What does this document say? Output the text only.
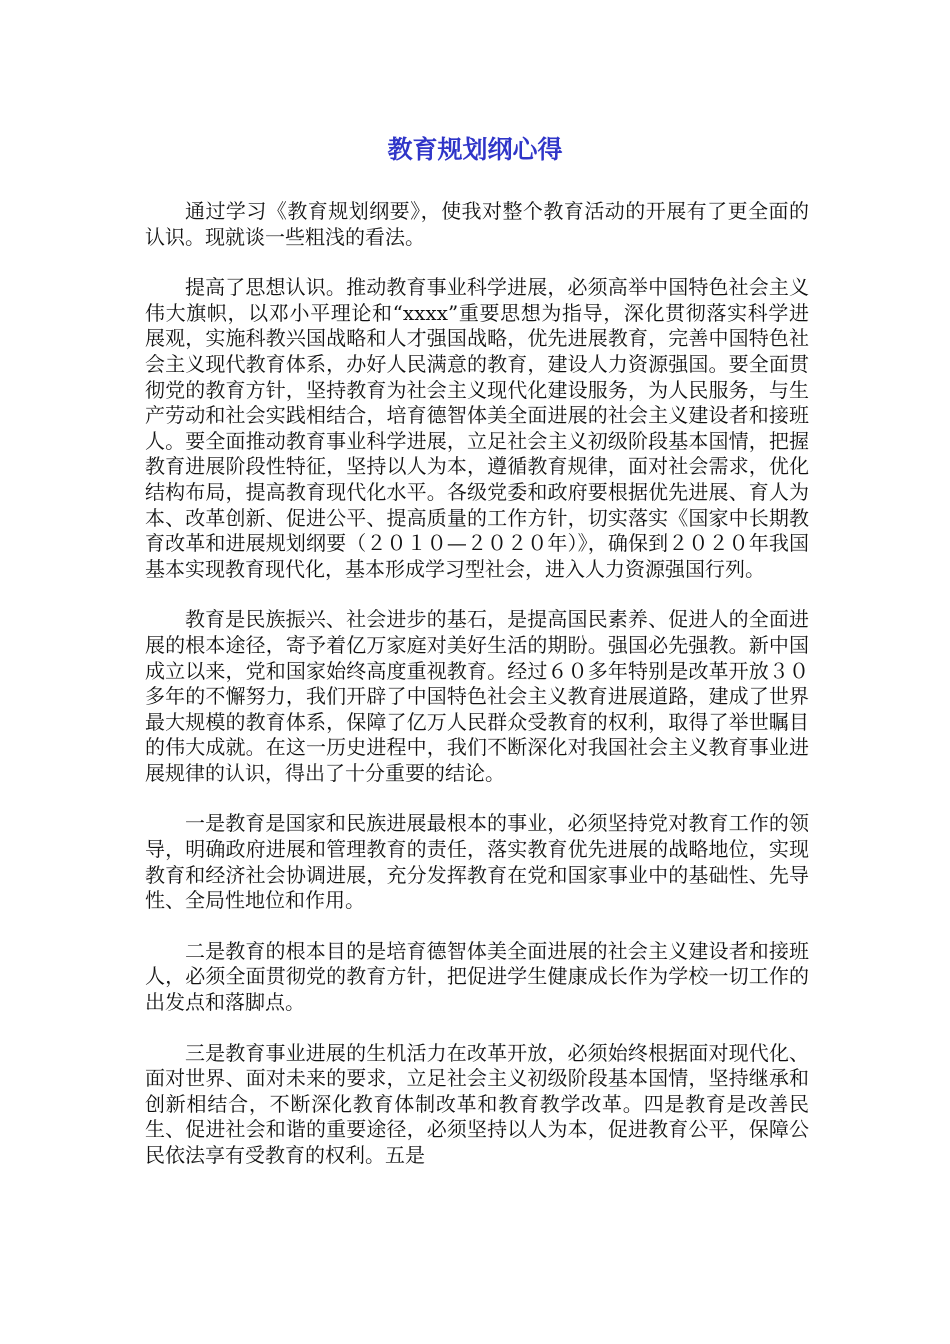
教育规划纲心得

通过学习《教育规划纲要》，使我对整个教育活动的开展有了更全面的认识。现就谈一些粗浅的看法。

提高了思想认识。推动教育事业科学进展，必须高举中国特色社会主义伟大旗帜，以邓小平理论和“xxxx”重要思想为指导，深化贯彻落实科学进展观，实施科教兴国战略和人才强国战略，优先进展教育，完善中国特色社会主义现代教育体系，办好人民满意的教育，建设人力资源强国。要全面贯彻党的教育方针，坚持教育为社会主义现代化建设服务，为人民服务，与生产劳动和社会实践相结合，培育德智体美全面进展的社会主义建设者和接班人。要全面推动教育事业科学进展，立足社会主义初级阶段基本国情，把握教育进展阶段性特征，坚持以人为本，遵循教育规律，面对社会需求，优化结构布局，提高教育现代化水平。各级党委和政府要根据优先进展、育人为本、改革创新、促进公平、提高质量的工作方针，切实落实《国家中长期教育改革和进展规划纲要（２０１０—２０２０年）》，确保到２０２０年我国基本实现教育现代化，基本形成学习型社会，进入人力资源强国行列。

教育是民族振兴、社会进步的基石，是提高国民素养、促进人的全面进展的根本途径，寄予着亿万家庭对美好生活的期盼。强国必先强教。新中国成立以来，党和国家始终高度重视教育。经过６０多年特别是改革开放３０多年的不懈努力，我们开辟了中国特色社会主义教育进展道路，建成了世界最大规模的教育体系，保障了亿万人民群众受教育的权利，取得了举世瞩目的伟大成就。在这一历史进程中，我们不断深化对我国社会主义教育事业进展规律的认识，得出了十分重要的结论。

一是教育是国家和民族进展最根本的事业，必须坚持党对教育工作的领导，明确政府进展和管理教育的责任，落实教育优先进展的战略地位，实现教育和经济社会协调进展，充分发挥教育在党和国家事业中的基础性、先导性、全局性地位和作用。

二是教育的根本目的是培育德智体美全面进展的社会主义建设者和接班人，必须全面贯彻党的教育方针，把促进学生健康成长作为学校一切工作的出发点和落脚点。

三是教育事业进展的生机活力在改革开放，必须始终根据面对现代化、面对世界、面对未来的要求，立足社会主义初级阶段基本国情，坚持继承和创新相结合，不断深化教育体制改革和教育教学改革。四是教育是改善民生、促进社会和谐的重要途径，必须坚持以人为本，促进教育公平，保障公民依法享有受教育的权利。五是
